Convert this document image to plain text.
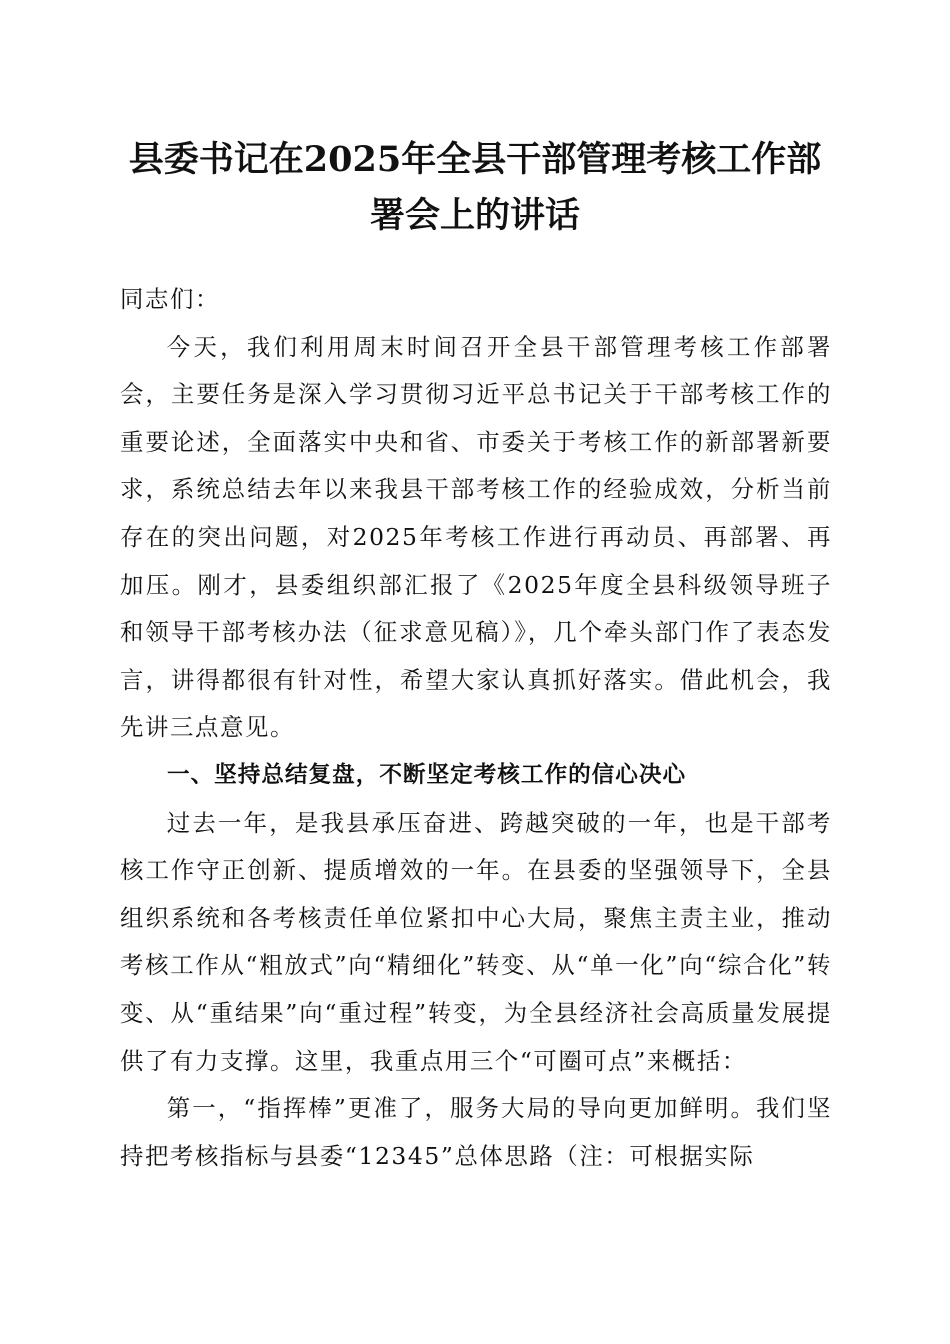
县委书记在2025年全县干部管理考核工作部
署会上的讲话

同志们：

今天，我们利用周末时间召开全县干部管理考核工作部署会，主要任务是深入学习贯彻习近平总书记关于干部考核工作的重要论述，全面落实中央和省、市委关于考核工作的新部署新要求，系统总结去年以来我县干部考核工作的经验成效，分析当前存在的突出问题，对2025年考核工作进行再动员、再部署、再加压。刚才，县委组织部汇报了《2025年度全县科级领导班子和领导干部考核办法（征求意见稿）》，几个牵头部门作了表态发言，讲得都很有针对性，希望大家认真抓好落实。借此机会，我先讲三点意见。

一、坚持总结复盘，不断坚定考核工作的信心决心

过去一年，是我县承压奋进、跨越突破的一年，也是干部考核工作守正创新、提质增效的一年。在县委的坚强领导下，全县组织系统和各考核责任单位紧扣中心大局，聚焦主责主业，推动考核工作从“粗放式”向“精细化”转变、从“单一化”向“综合化”转变、从“重结果”向“重过程”转变，为全县经济社会高质量发展提供了有力支撑。这里，我重点用三个“可圈可点”来概括：

第一，“指挥棒”更准了，服务大局的导向更加鲜明。我们坚持把考核指标与县委“12345”总体思路（注：可根据实际
